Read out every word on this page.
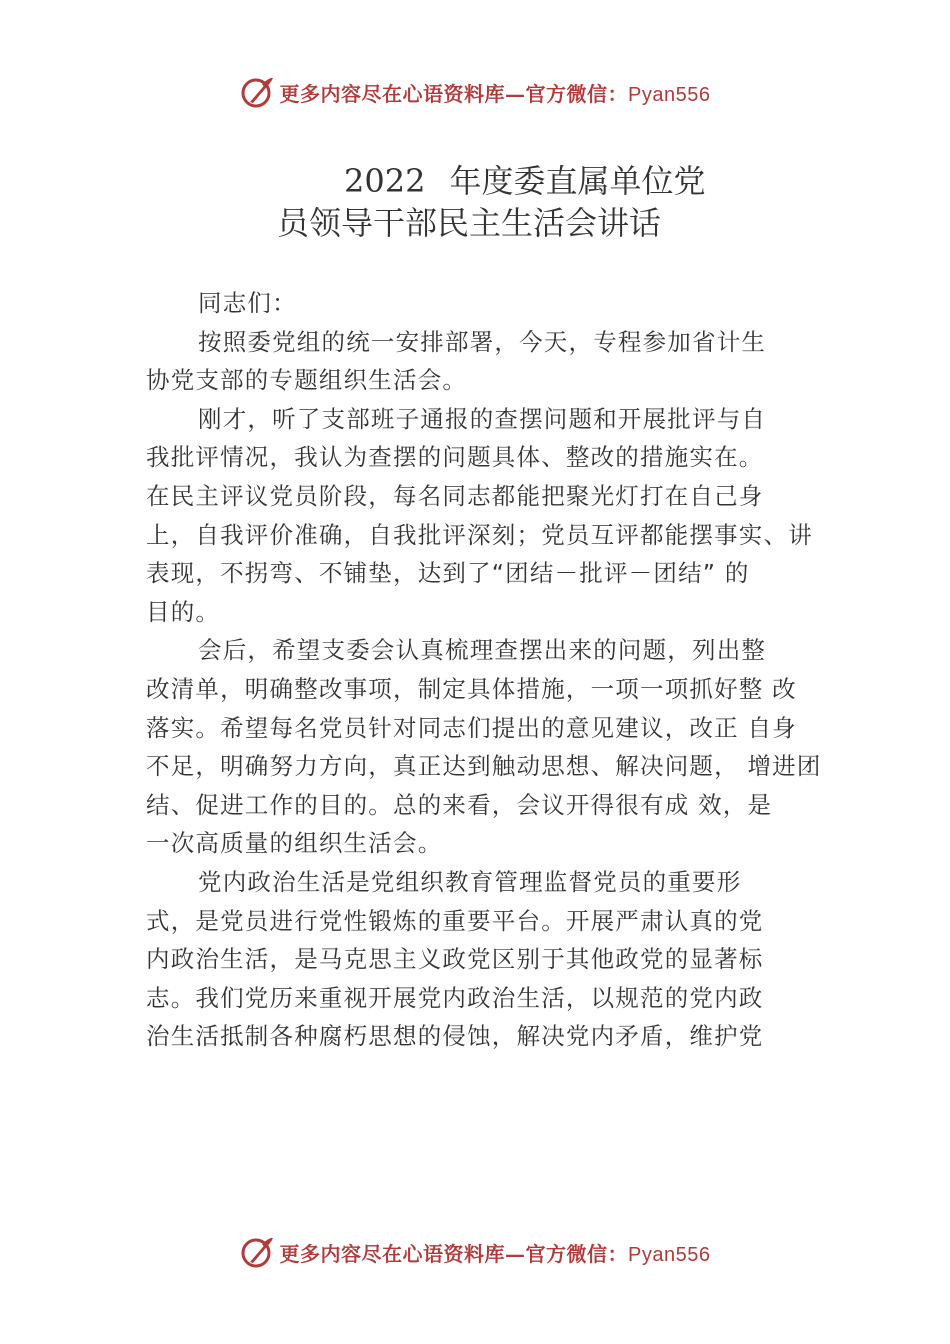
更多内容尽在心语资料库—官方微信：Pyan556
2022 年度委直属单位党
员领导干部民主生活会讲话
同志们：
按照委党组的统一安排部署，今天，专程参加省计生
协党支部的专题组织生活会。
刚才，听了支部班子通报的查摆问题和开展批评与自
我批评情况，我认为查摆的问题具体、整改的措施实在。
在民主评议党员阶段，每名同志都能把聚光灯打在自己身
上，自我评价准确，自我批评深刻；党员互评都能摆事实、讲
表现，不拐弯、不铺垫，达到了“团结－批评－团结” 的
目的。
会后，希望支委会认真梳理查摆出来的问题，列出整
改清单，明确整改事项，制定具体措施，一项一项抓好整 改
落实。希望每名党员针对同志们提出的意见建议，改正 自身
不足，明确努力方向，真正达到触动思想、解决问题， 增进团
结、促进工作的目的。总的来看，会议开得很有成 效，是
一次高质量的组织生活会。
党内政治生活是党组织教育管理监督党员的重要形
式，是党员进行党性锻炼的重要平台。开展严肃认真的党
内政治生活，是马克思主义政党区别于其他政党的显著标
志。我们党历来重视开展党内政治生活，以规范的党内政
治生活抵制各种腐朽思想的侵蚀，解决党内矛盾，维护党
更多内容尽在心语资料库—官方微信：Pyan556
